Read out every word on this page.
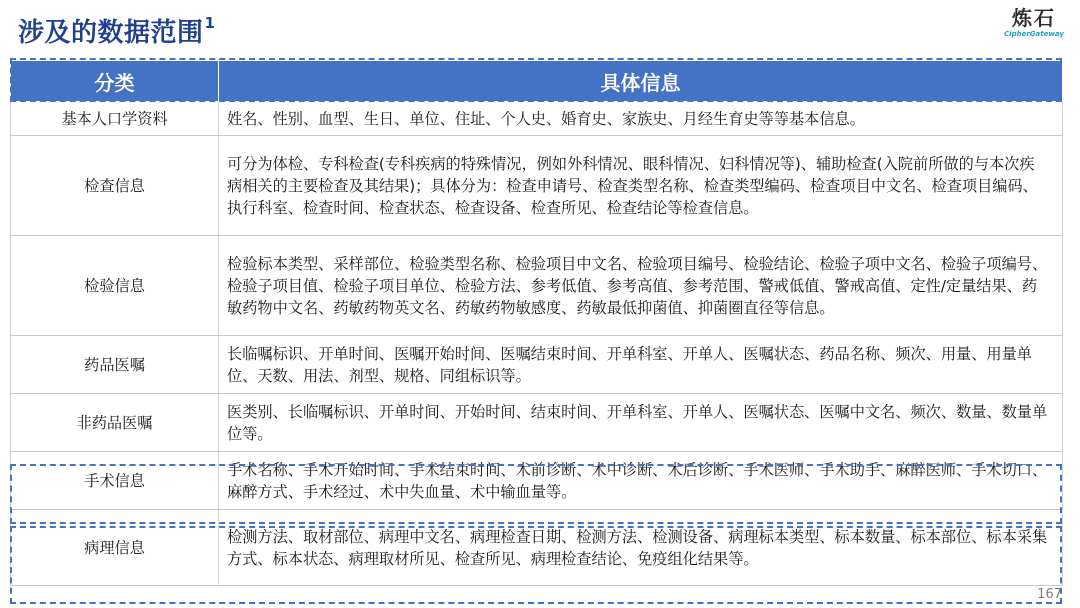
涉及的数据范围$^1$	炼石
CipherGateway
分类	具体信息
基本人口学资料	姓名、性别、血型、生日、单位、住址、个人史、婚育史、家族史、月经生育史等等基本信息。
检查信息	可分为体检、专科检查(专科疾病的特殊情况，例如外科情况、眼科情况、妇科情况等)、辅助检查(入院前所做的与本次疾病相关的主要检查及其结果)；具体分为：检查申请号、检查类型名称、检查类型编码、检查项目中文名、检查项目编码、执行科室、检查时间、检查状态、检查设备、检查所见、检查结论等检查信息。
检验信息	检验标本类型、采样部位、检验类型名称、检验项目中文名、检验项目编号、检验结论、检验子项中文名、检验子项编号、检验子项目值、检验子项目单位、检验方法、参考低值、参考高值、参考范围、警戒低值、警戒高值、定性/定量结果、药敏药物中文名、药敏药物英文名、药敏药物敏感度、药敏最低抑菌值、抑菌圈直径等信息。
药品医嘱	长临嘱标识、开单时间、医嘱开始时间、医嘱结束时间、开单科室、开单人、医嘱状态、药品名称、频次、用量、用量单位、天数、用法、剂型、规格、同组标识等。
非药品医嘱	医类别、长临嘱标识、开单时间、开始时间、结束时间、开单科室、开单人、医嘱状态、医嘱中文名、频次、数量、数量单位等。
手术信息	手术名称、手术开始时间、手术结束时间、术前诊断、术中诊断、术后诊断、手术医师、手术助手、麻醉医师、手术切口、麻醉方式、手术经过、术中失血量、术中输血量等。
病理信息	检测方法、取材部位、病理中文名、病理检查日期、检测方法、检测设备、病理标本类型、标本数量、标本部位、标本采集方式、标本状态、病理取材所见、检查所见、病理检查结论、免疫组化结果等。
167
